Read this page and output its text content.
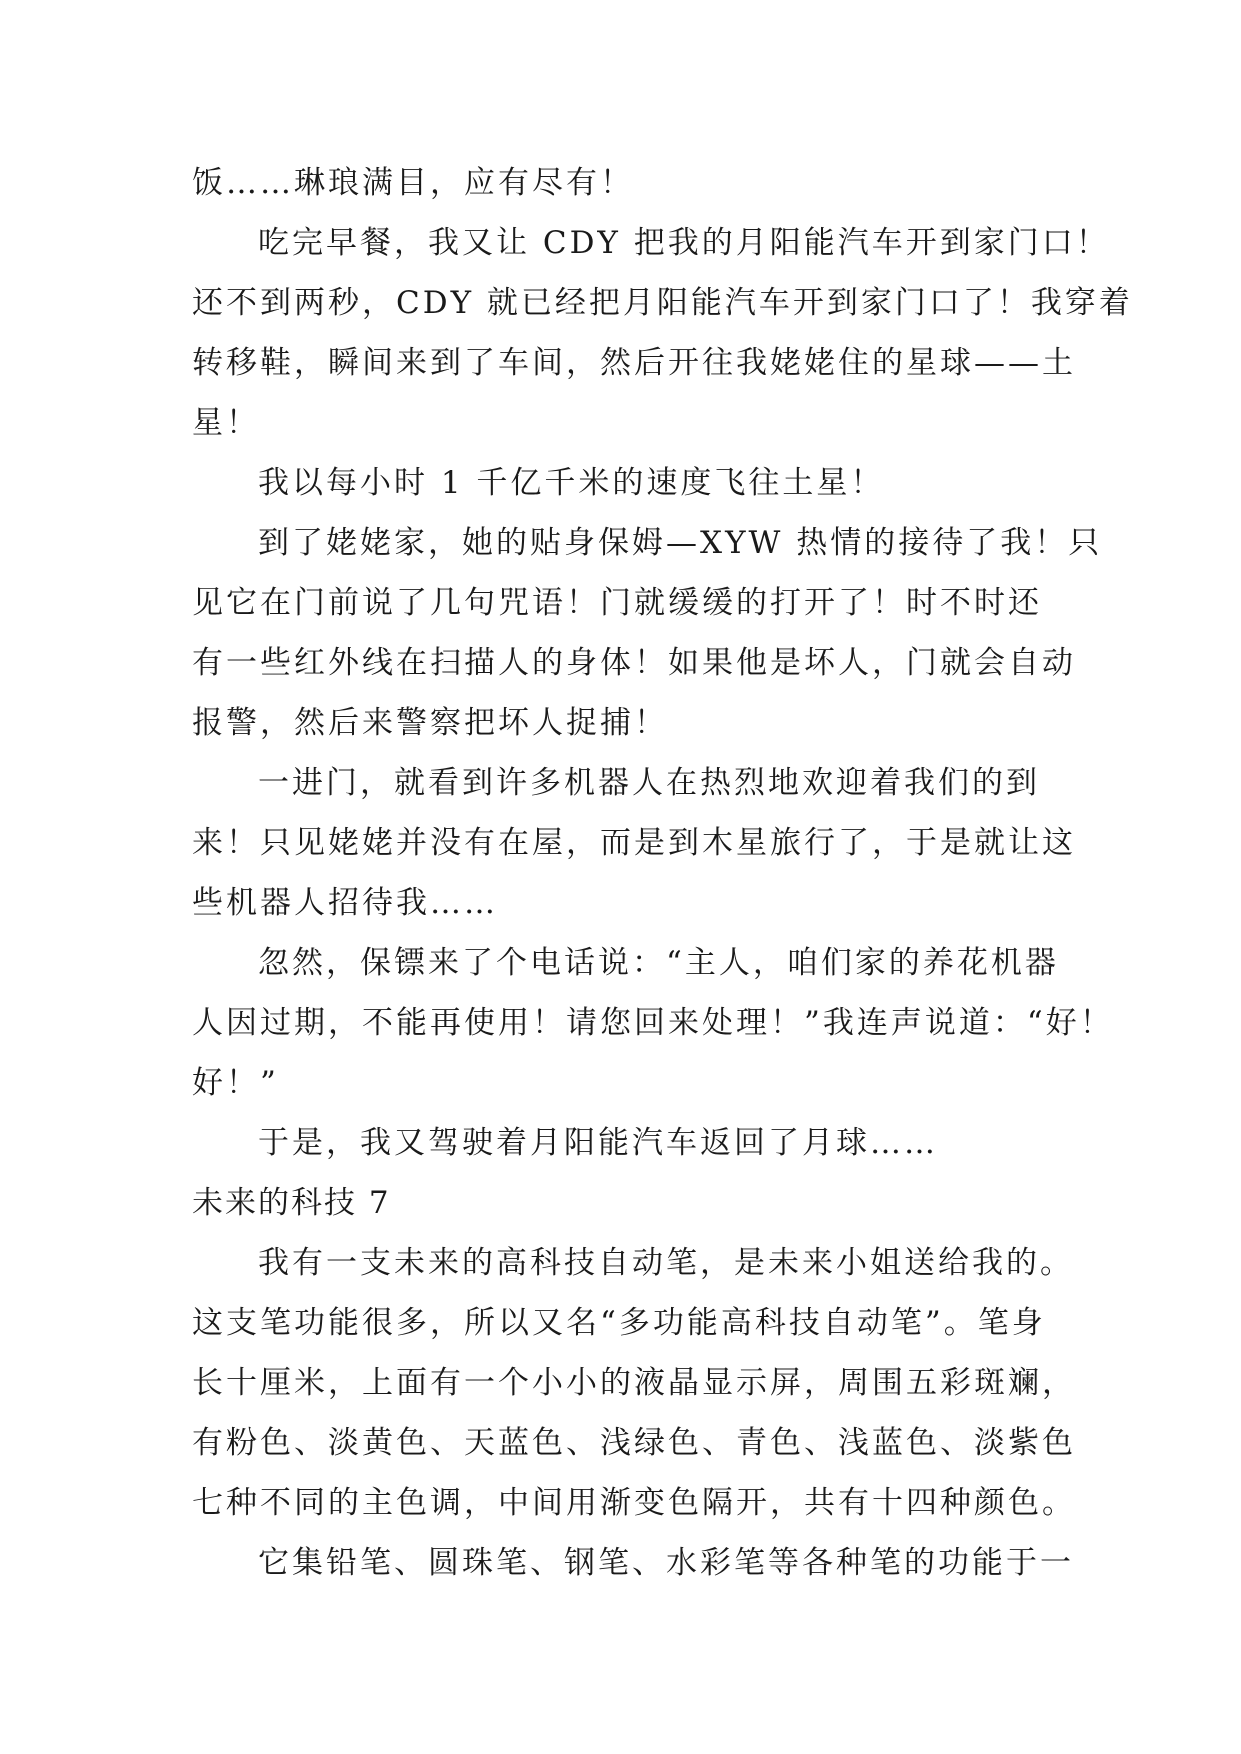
饭……琳琅满目，应有尽有！
吃完早餐，我又让 CDY 把我的月阳能汽车开到家门口！
还不到两秒，CDY 就已经把月阳能汽车开到家门口了！我穿着
转移鞋，瞬间来到了车间，然后开往我姥姥住的星球——土
星！
我以每小时 1 千亿千米的速度飞往土星！
到了姥姥家，她的贴身保姆—XYW 热情的接待了我！只
见它在门前说了几句咒语！门就缓缓的打开了！时不时还
有一些红外线在扫描人的身体！如果他是坏人，门就会自动
报警，然后来警察把坏人捉捕！
一进门，就看到许多机器人在热烈地欢迎着我们的到
来！只见姥姥并没有在屋，而是到木星旅行了，于是就让这
些机器人招待我……
忽然，保镖来了个电话说：“主人，咱们家的养花机器
人因过期，不能再使用！请您回来处理！”我连声说道：“好！
好！”
于是，我又驾驶着月阳能汽车返回了月球……
未来的科技 7
我有一支未来的高科技自动笔，是未来小姐送给我的。
这支笔功能很多，所以又名“多功能高科技自动笔”。笔身
长十厘米，上面有一个小小的液晶显示屏，周围五彩斑斓，
有粉色、淡黄色、天蓝色、浅绿色、青色、浅蓝色、淡紫色
七种不同的主色调，中间用渐变色隔开，共有十四种颜色。
它集铅笔、圆珠笔、钢笔、水彩笔等各种笔的功能于一
